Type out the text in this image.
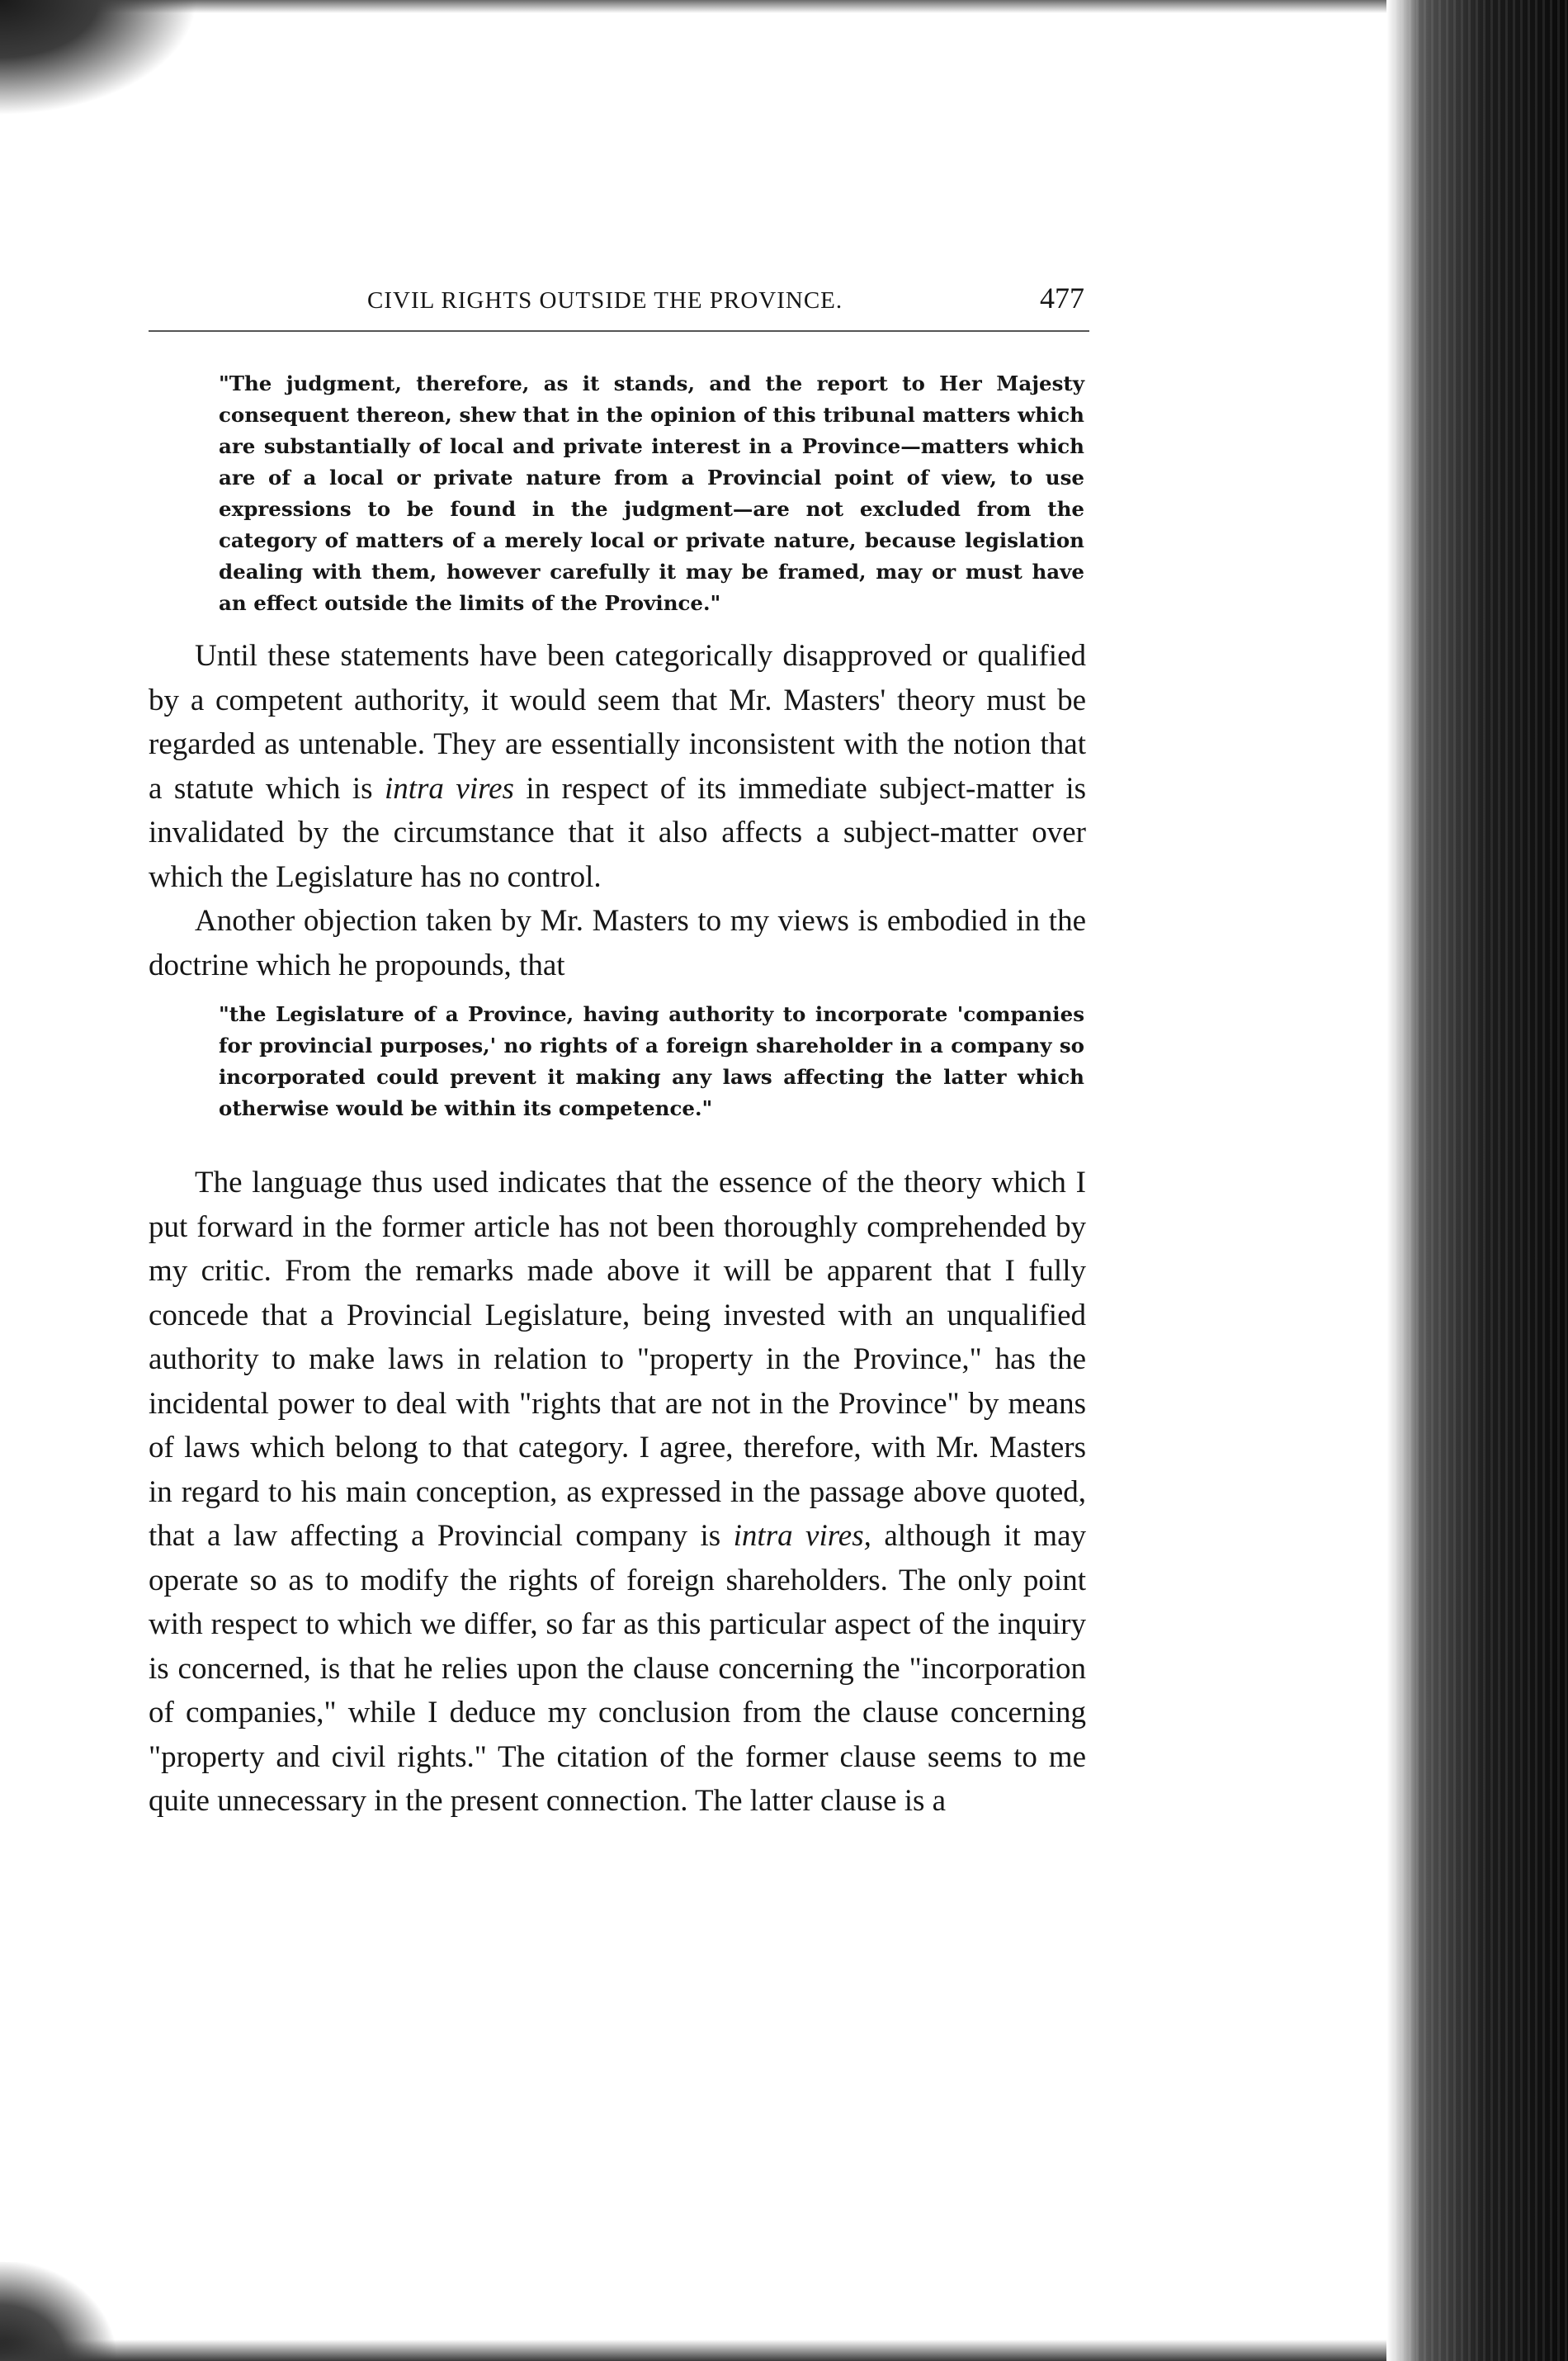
CIVIL RIGHTS OUTSIDE THE PROVINCE.	477

"The judgment, therefore, as it stands, and the report to Her Majesty consequent thereon, shew that in the opinion of this tribunal matters which are substantially of local and private interest in a Province—matters which are of a local or private nature from a Provincial point of view, to use expressions to be found in the judgment—are not excluded from the category of matters of a merely local or private nature, because legislation dealing with them, however carefully it may be framed, may or must have an effect outside the limits of the Province."

Until these statements have been categorically disapproved or qualified by a competent authority, it would seem that Mr. Masters' theory must be regarded as untenable. They are essentially inconsistent with the notion that a statute which is intra vires in respect of its immediate subject-matter is invalidated by the circumstance that it also affects a subject-matter over which the Legislature has no control.

Another objection taken by Mr. Masters to my views is embodied in the doctrine which he propounds, that

"the Legislature of a Province, having authority to incorporate 'companies for provincial purposes,' no rights of a foreign shareholder in a company so incorporated could prevent it making any laws affecting the latter which otherwise would be within its competence."

The language thus used indicates that the essence of the theory which I put forward in the former article has not been thoroughly comprehended by my critic. From the remarks made above it will be apparent that I fully concede that a Provincial Legislature, being invested with an unqualified authority to make laws in relation to "property in the Province," has the incidental power to deal with "rights that are not in the Province" by means of laws which belong to that category. I agree, therefore, with Mr. Masters in regard to his main conception, as expressed in the passage above quoted, that a law affecting a Provincial company is intra vires, although it may operate so as to modify the rights of foreign shareholders. The only point with respect to which we differ, so far as this particular aspect of the inquiry is concerned, is that he relies upon the clause concerning the "incorporation of companies," while I deduce my conclusion from the clause concerning "property and civil rights." The citation of the former clause seems to me quite unnecessary in the present connection. The latter clause is a
